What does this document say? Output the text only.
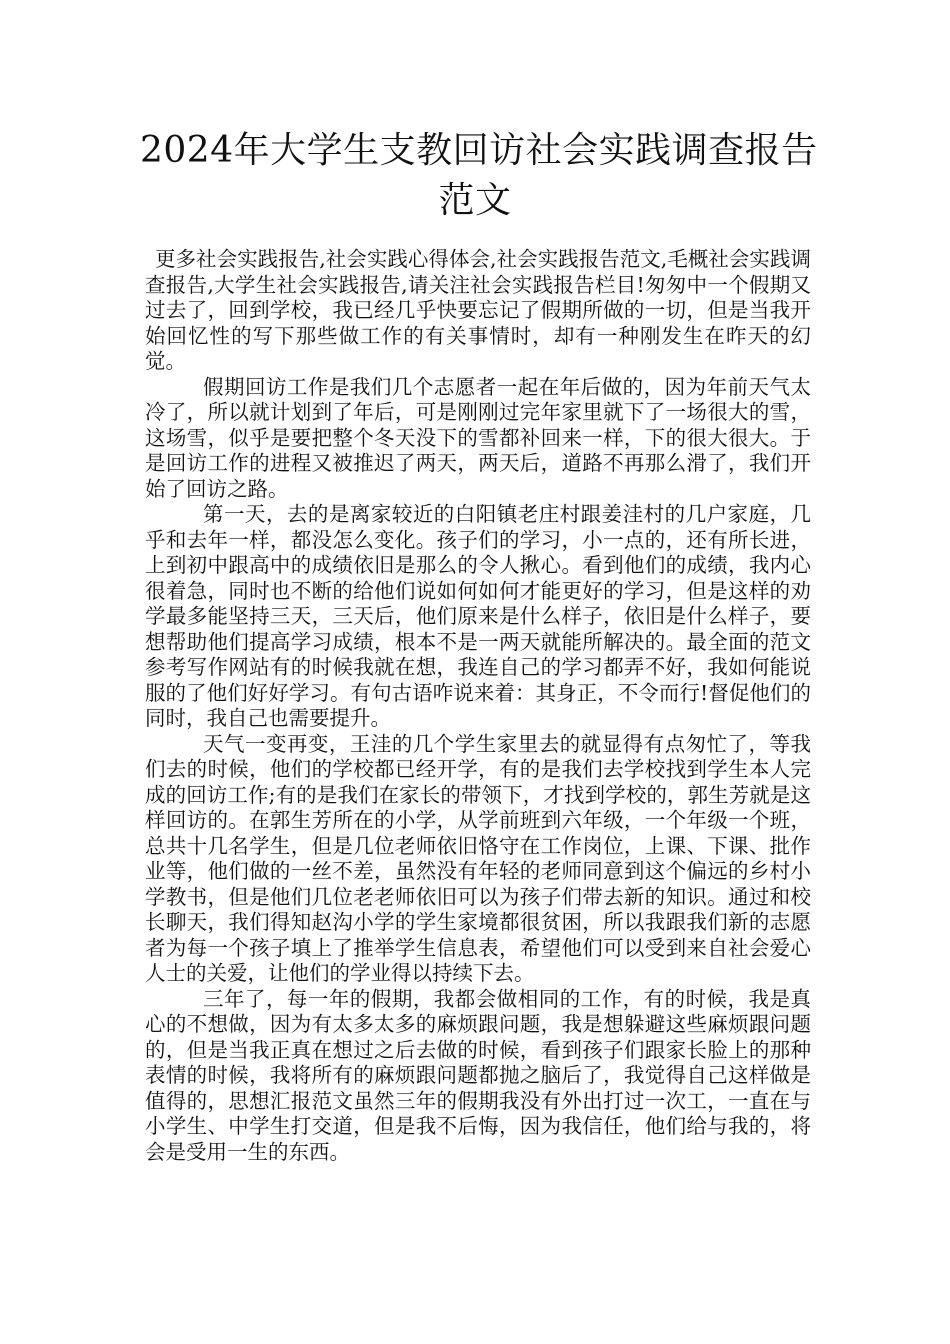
2024年大学生支教回访社会实践调查报告
范文

更多社会实践报告,社会实践心得体会,社会实践报告范文,毛概社会实践调查报告,大学生社会实践报告,请关注社会实践报告栏目!匆匆中一个假期又过去了，回到学校，我已经几乎快要忘记了假期所做的一切，但是当我开始回忆性的写下那些做工作的有关事情时，却有一种刚发生在昨天的幻觉。

假期回访工作是我们几个志愿者一起在年后做的，因为年前天气太冷了，所以就计划到了年后，可是刚刚过完年家里就下了一场很大的雪，这场雪，似乎是要把整个冬天没下的雪都补回来一样，下的很大很大。于是回访工作的进程又被推迟了两天，两天后，道路不再那么滑了，我们开始了回访之路。

第一天，去的是离家较近的白阳镇老庄村跟姜洼村的几户家庭，几乎和去年一样，都没怎么变化。孩子们的学习，小一点的，还有所长进，上到初中跟高中的成绩依旧是那么的令人揪心。看到他们的成绩，我内心很着急，同时也不断的给他们说如何如何才能更好的学习，但是这样的劝学最多能坚持三天，三天后，他们原来是什么样子，依旧是什么样子，要想帮助他们提高学习成绩，根本不是一两天就能所解决的。最全面的范文参考写作网站有的时候我就在想，我连自己的学习都弄不好，我如何能说服的了他们好好学习。有句古语咋说来着：其身正，不令而行!督促他们的同时，我自己也需要提升。

天气一变再变，王洼的几个学生家里去的就显得有点匆忙了，等我们去的时候，他们的学校都已经开学，有的是我们去学校找到学生本人完成的回访工作;有的是我们在家长的带领下，才找到学校的，郭生芳就是这样回访的。在郭生芳所在的小学，从学前班到六年级，一个年级一个班，总共十几名学生，但是几位老师依旧恪守在工作岗位，上课、下课、批作业等，他们做的一丝不差，虽然没有年轻的老师同意到这个偏远的乡村小学教书，但是他们几位老老师依旧可以为孩子们带去新的知识。通过和校长聊天，我们得知赵沟小学的学生家境都很贫困，所以我跟我们新的志愿者为每一个孩子填上了推举学生信息表，希望他们可以受到来自社会爱心人士的关爱，让他们的学业得以持续下去。

三年了，每一年的假期，我都会做相同的工作，有的时候，我是真心的不想做，因为有太多太多的麻烦跟问题，我是想躲避这些麻烦跟问题的，但是当我正真在想过之后去做的时候，看到孩子们跟家长脸上的那种表情的时候，我将所有的麻烦跟问题都抛之脑后了，我觉得自己这样做是值得的，思想汇报范文虽然三年的假期我没有外出打过一次工，一直在与小学生、中学生打交道，但是我不后悔，因为我信任，他们给与我的，将会是受用一生的东西。
